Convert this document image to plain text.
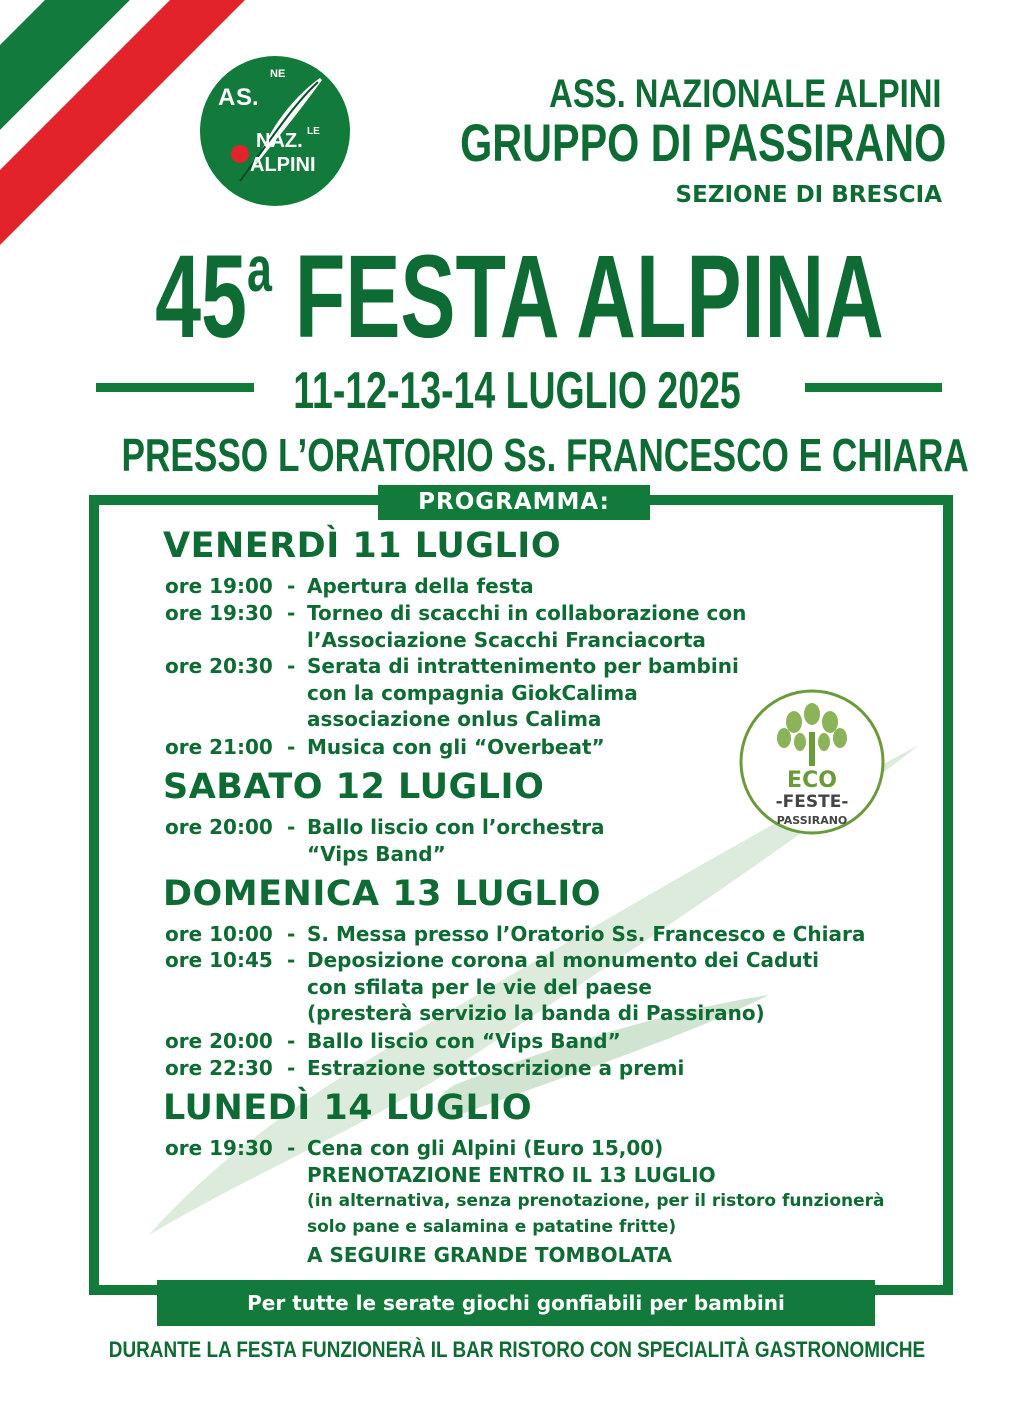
A S.
NE
NAZ. LE
ALPINI
ASS. NAZIONALE ALPINI
GRUPPO DI PASSIRANO
SEZIONE DI BRESCIA
45$^a$ FESTA ALPINA
11-12-13-14 LUGLIO 2025
PRESSO L’ORATORIO Ss. FRANCESCO E CHIARA
PROGRAMMA:
VENERDÌ 11 LUGLIO
ore 19:00 - Apertura della festa
ore 19:30 - Torneo di scacchi in collaborazione con
l’Associazione Scacchi Franciacorta
ore 20:30 - Serata di intrattenimento per bambini
con la compagnia GiokCalima
associazione onlus Calima
ore 21:00 - Musica con gli “Overbeat”
SABATO 12 LUGLIO
ore 20:00 - Ballo liscio con l’orchestra
“Vips Band”
DOMENICA 13 LUGLIO
ore 10:00 - S. Messa presso l’Oratorio Ss. Francesco e Chiara
ore 10:45 - Deposizione corona al monumento dei Caduti
con sfilata per le vie del paese
(presterà servizio la banda di Passirano)
ore 20:00 - Ballo liscio con “Vips Band”
ore 22:30 - Estrazione sottoscrizione a premi
LUNEDÌ 14 LUGLIO
ore 19:30 - Cena con gli Alpini (Euro 15,00)
PRENOTAZIONE ENTRO IL 13 LUGLIO
(in alternativa, senza prenotazione, per il ristoro funzionerà
solo pane e salamina e patatine fritte)
A SEGUIRE GRANDE TOMBOLATA
ECO
-FESTE-
PASSIRANO
Per tutte le serate giochi gonfiabili per bambini
DURANTE LA FESTA FUNZIONERÀ IL BAR RISTORO CON SPECIALITÀ GASTRONOMICHE
